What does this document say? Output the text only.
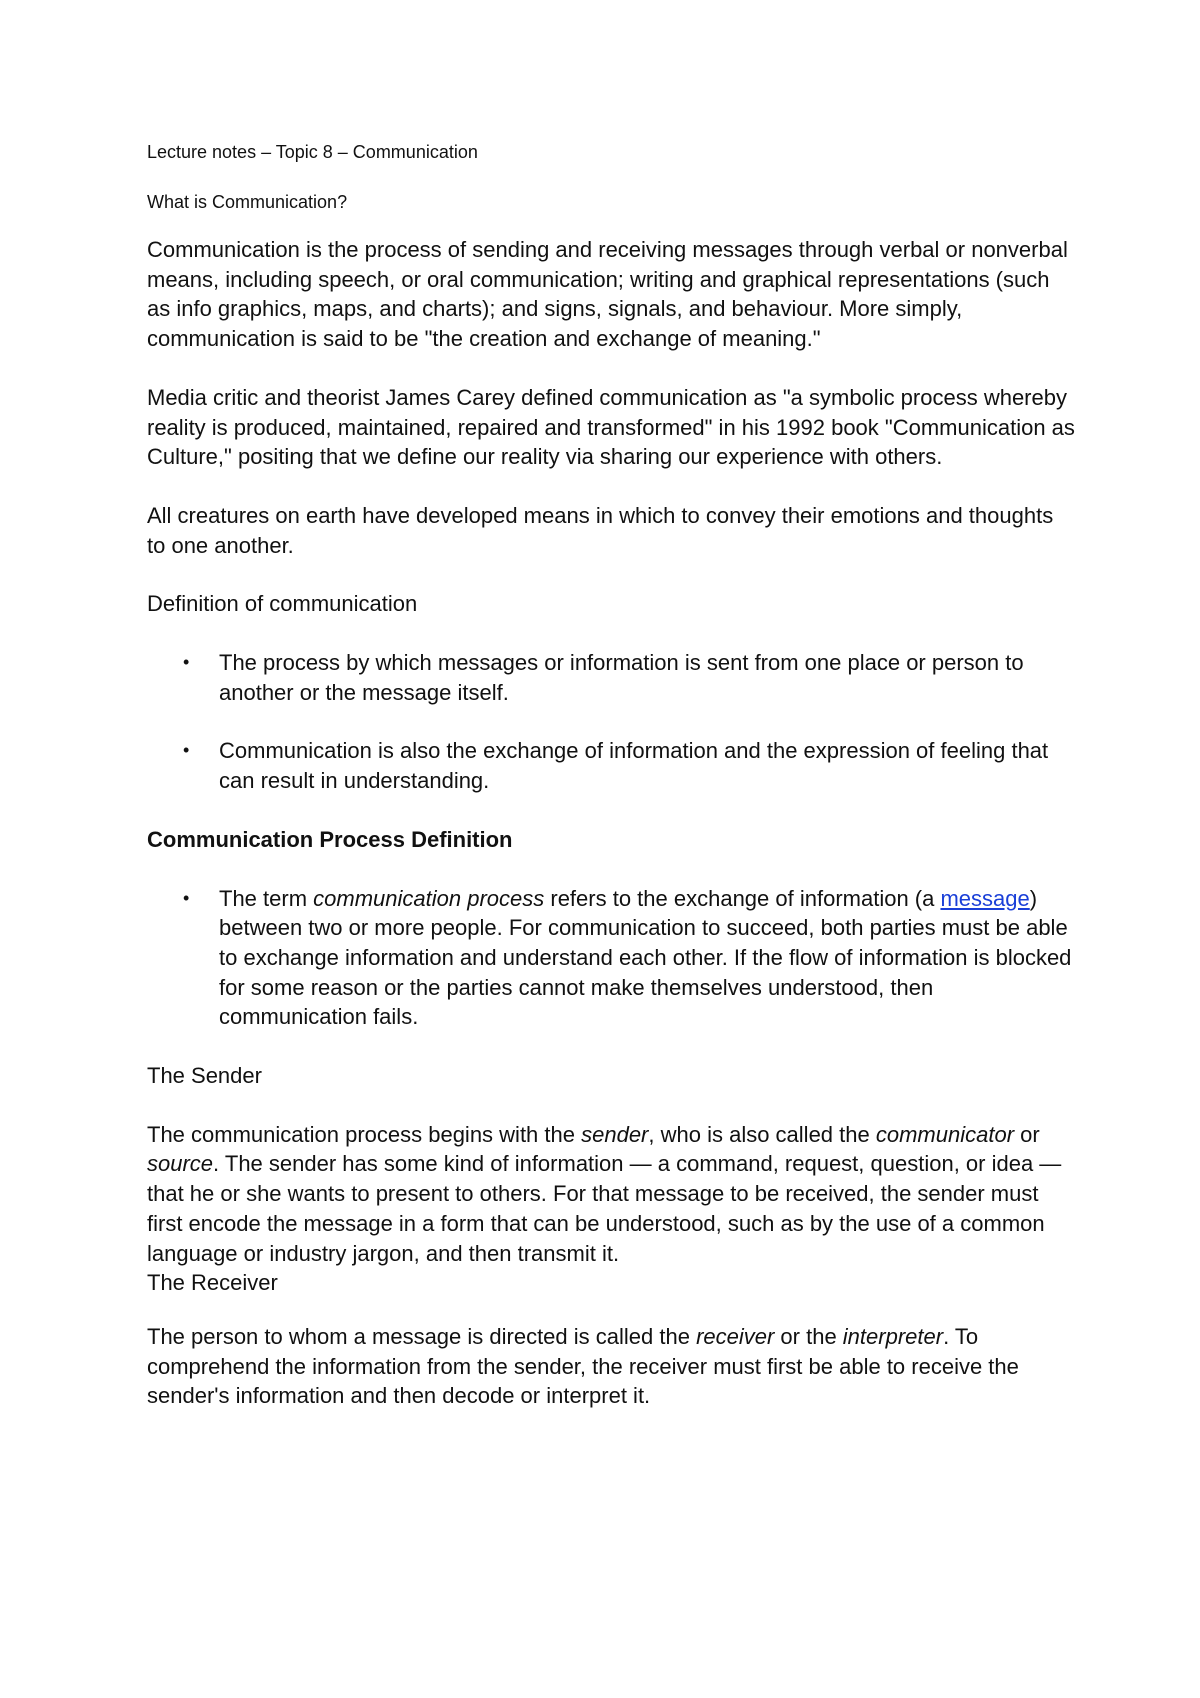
Lecture notes – Topic 8 – Communication

What is Communication?

Communication is the process of sending and receiving messages through verbal or nonverbal means, including speech, or oral communication; writing and graphical representations (such as info graphics, maps, and charts); and signs, signals, and behaviour. More simply, communication is said to be "the creation and exchange of meaning."

Media critic and theorist James Carey defined communication as "a symbolic process whereby reality is produced, maintained, repaired and transformed" in his 1992 book "Communication as Culture," positing that we define our reality via sharing our experience with others.

All creatures on earth have developed means in which to convey their emotions and thoughts to one another.

Definition of communication

• The process by which messages or information is sent from one place or person to another or the message itself.

• Communication is also the exchange of information and the expression of feeling that can result in understanding.

Communication Process Definition

• The term communication process refers to the exchange of information (a message) between two or more people. For communication to succeed, both parties must be able to exchange information and understand each other. If the flow of information is blocked for some reason or the parties cannot make themselves understood, then communication fails.

The Sender

The communication process begins with the sender, who is also called the communicator or source. The sender has some kind of information — a command, request, question, or idea — that he or she wants to present to others. For that message to be received, the sender must first encode the message in a form that can be understood, such as by the use of a common language or industry jargon, and then transmit it.

The Receiver

The person to whom a message is directed is called the receiver or the interpreter. To comprehend the information from the sender, the receiver must first be able to receive the sender's information and then decode or interpret it.
